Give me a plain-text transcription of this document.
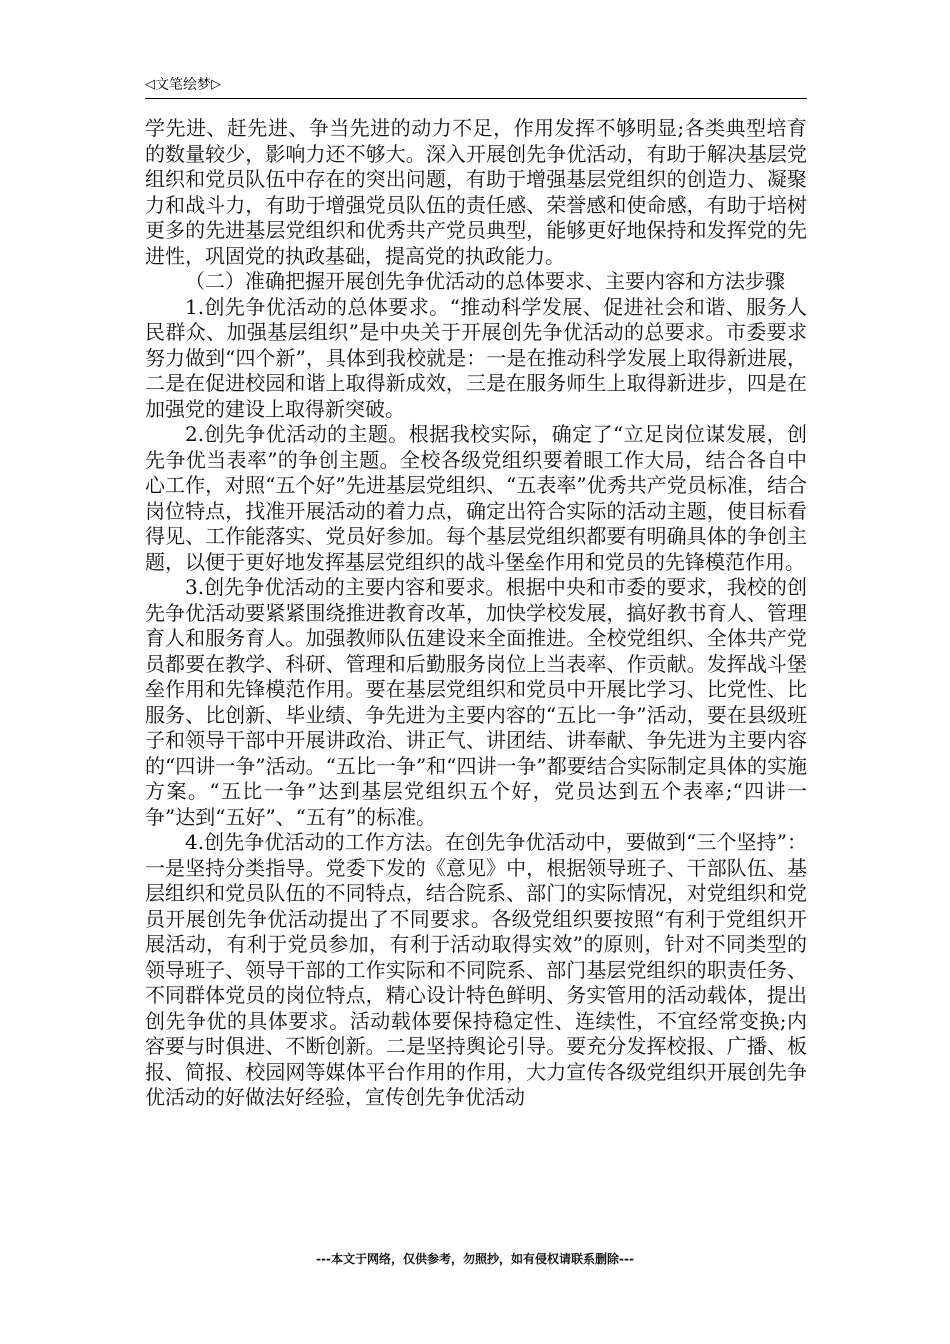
◁ 文笔绘梦 ▷

学先进、赶先进、争当先进的动力不足，作用发挥不够明显;各类典型培育的数量较少，影响力还不够大。深入开展创先争优活动，有助于解决基层党组织和党员队伍中存在的突出问题，有助于增强基层党组织的创造力、凝聚力和战斗力，有助于增强党员队伍的责任感、荣誉感和使命感，有助于培树更多的先进基层党组织和优秀共产党员典型，能够更好地保持和发挥党的先进性，巩固党的执政基础，提高党的执政能力。

（二）准确把握开展创先争优活动的总体要求、主要内容和方法步骤

1.创先争优活动的总体要求。“推动科学发展、促进社会和谐、服务人民群众、加强基层组织”是中央关于开展创先争优活动的总要求。市委要求努力做到“四个新”，具体到我校就是：一是在推动科学发展上取得新进展，二是在促进校园和谐上取得新成效，三是在服务师生上取得新进步，四是在加强党的建设上取得新突破。

2.创先争优活动的主题。根据我校实际，确定了“立足岗位谋发展，创先争优当表率”的争创主题。全校各级党组织要着眼工作大局，结合各自中心工作，对照“五个好”先进基层党组织、“五表率”优秀共产党员标准，结合岗位特点，找准开展活动的着力点，确定出符合实际的活动主题，使目标看得见、工作能落实、党员好参加。每个基层党组织都要有明确具体的争创主题，以便于更好地发挥基层党组织的战斗堡垒作用和党员的先锋模范作用。

3.创先争优活动的主要内容和要求。根据中央和市委的要求，我校的创先争优活动要紧紧围绕推进教育改革，加快学校发展，搞好教书育人、管理育人和服务育人。加强教师队伍建设来全面推进。全校党组织、全体共产党员都要在教学、科研、管理和后勤服务岗位上当表率、作贡献。发挥战斗堡垒作用和先锋模范作用。要在基层党组织和党员中开展比学习、比党性、比服务、比创新、毕业绩、争先进为主要内容的“五比一争”活动，要在县级班子和领导干部中开展讲政治、讲正气、讲团结、讲奉献、争先进为主要内容的“四讲一争”活动。“五比一争”和“四讲一争”都要结合实际制定具体的实施方案。“五比一争”达到基层党组织五个好，党员达到五个表率;“四讲一争”达到“五好”、“五有”的标准。

4.创先争优活动的工作方法。在创先争优活动中，要做到“三个坚持”：一是坚持分类指导。党委下发的《意见》中，根据领导班子、干部队伍、基层组织和党员队伍的不同特点，结合院系、部门的实际情况，对党组织和党员开展创先争优活动提出了不同要求。各级党组织要按照“有利于党组织开展活动，有利于党员参加，有利于活动取得实效”的原则，针对不同类型的领导班子、领导干部的工作实际和不同院系、部门基层党组织的职责任务、不同群体党员的岗位特点，精心设计特色鲜明、务实管用的活动载体，提出创先争优的具体要求。活动载体要保持稳定性、连续性，不宜经常变换;内容要与时俱进、不断创新。二是坚持舆论引导。要充分发挥校报、广播、板报、简报、校园网等媒体平台作用的作用，大力宣传各级党组织开展创先争优活动的好做法好经验，宣传创先争优活动

---本文于网络，仅供参考，勿照抄，如有侵权请联系删除---
